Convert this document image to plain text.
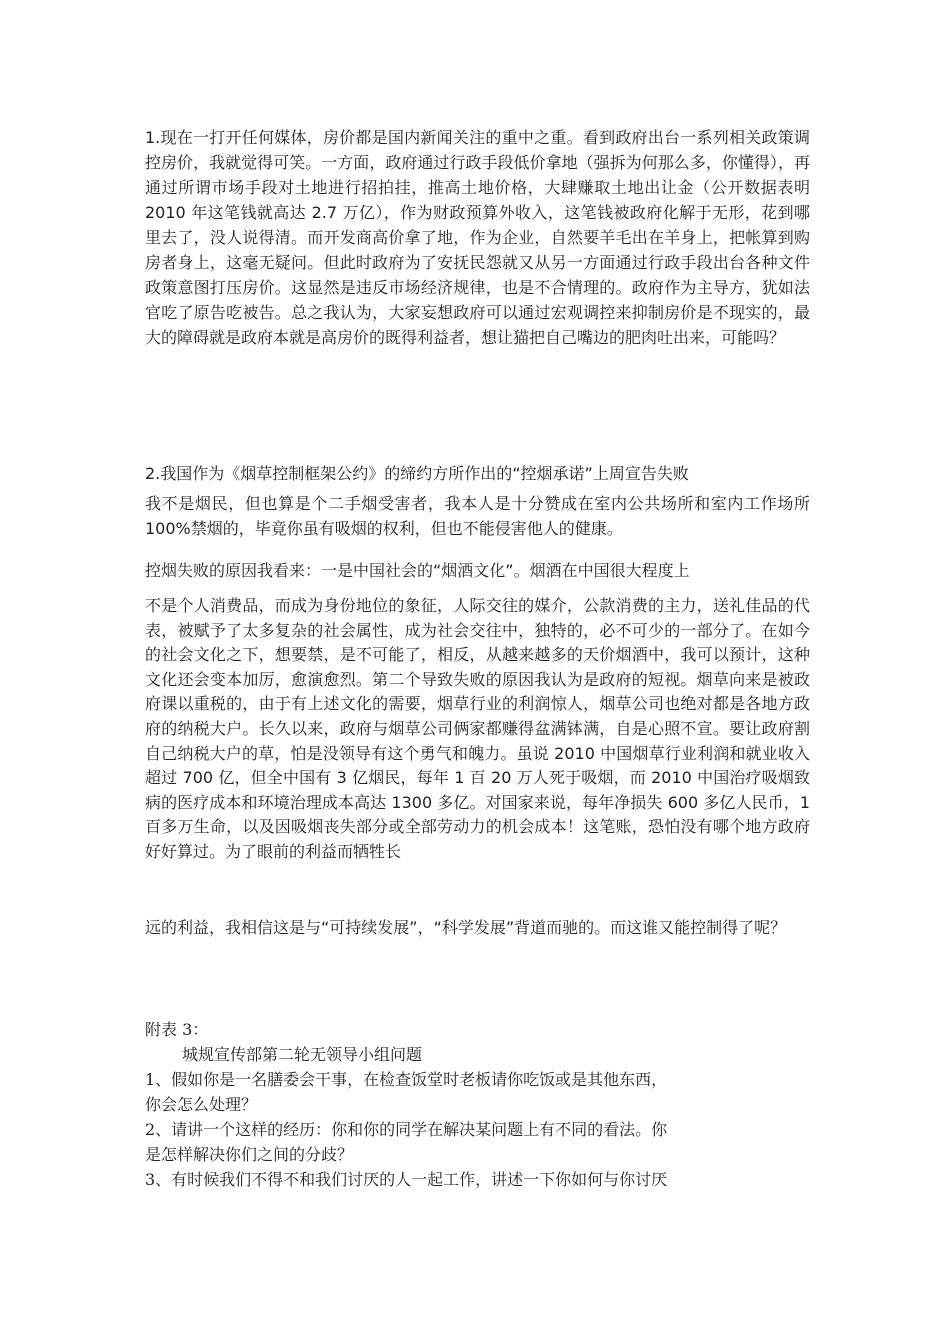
1.现在一打开任何媒体，房价都是国内新闻关注的重中之重。看到政府出台一系列相关政策调控房价，我就觉得可笑。一方面，政府通过行政手段低价拿地（强拆为何那么多，你懂得），再通过所谓市场手段对土地进行招拍挂，推高土地价格，大肆赚取土地出让金（公开数据表明 2010 年这笔钱就高达 2.7 万亿），作为财政预算外收入，这笔钱被政府化解于无形，花到哪里去了，没人说得清。而开发商高价拿了地，作为企业，自然要羊毛出在羊身上，把帐算到购房者身上，这毫无疑问。但此时政府为了安抚民怨就又从另一方面通过行政手段出台各种文件政策意图打压房价。这显然是违反市场经济规律，也是不合情理的。政府作为主导方，犹如法官吃了原告吃被告。总之我认为，大家妄想政府可以通过宏观调控来抑制房价是不现实的，最大的障碍就是政府本就是高房价的既得利益者，想让猫把自己嘴边的肥肉吐出来，可能吗？
2.我国作为《烟草控制框架公约》的缔约方所作出的“控烟承诺”上周宣告失败
我不是烟民，但也算是个二手烟受害者，我本人是十分赞成在室内公共场所和室内工作场所 100%禁烟的，毕竟你虽有吸烟的权利，但也不能侵害他人的健康。
控烟失败的原因我看来：一是中国社会的“烟酒文化”。烟酒在中国很大程度上
不是个人消费品，而成为身份地位的象征，人际交往的媒介，公款消费的主力，送礼佳品的代表，被赋予了太多复杂的社会属性，成为社会交往中，独特的，必不可少的一部分了。在如今的社会文化之下，想要禁，是不可能了，相反，从越来越多的天价烟酒中，我可以预计，这种文化还会变本加厉，愈演愈烈。第二个导致失败的原因我认为是政府的短视。烟草向来是被政府课以重税的，由于有上述文化的需要，烟草行业的利润惊人，烟草公司也绝对都是各地方政府的纳税大户。长久以来，政府与烟草公司俩家都赚得盆满钵满，自是心照不宣。要让政府割自己纳税大户的草，怕是没领导有这个勇气和魄力。虽说 2010 中国烟草行业利润和就业收入超过 700 亿，但全中国有 3 亿烟民，每年 1 百 20 万人死于吸烟，而 2010 中国治疗吸烟致病的医疗成本和环境治理成本高达 1300 多亿。对国家来说，每年净损失 600 多亿人民币，1 百多万生命，以及因吸烟丧失部分或全部劳动力的机会成本！这笔账，恐怕没有哪个地方政府好好算过。为了眼前的利益而牺牲长
远的利益，我相信这是与“可持续发展”，“科学发展”背道而驰的。而这谁又能控制得了呢？
附表 3：
城规宣传部第二轮无领导小组问题
1、假如你是一名膳委会干事，在检查饭堂时老板请你吃饭或是其他东西，
你会怎么处理？
2、请讲一个这样的经历：你和你的同学在解决某问题上有不同的看法。你
是怎样解决你们之间的分歧？
3、有时候我们不得不和我们讨厌的人一起工作，讲述一下你如何与你讨厌
